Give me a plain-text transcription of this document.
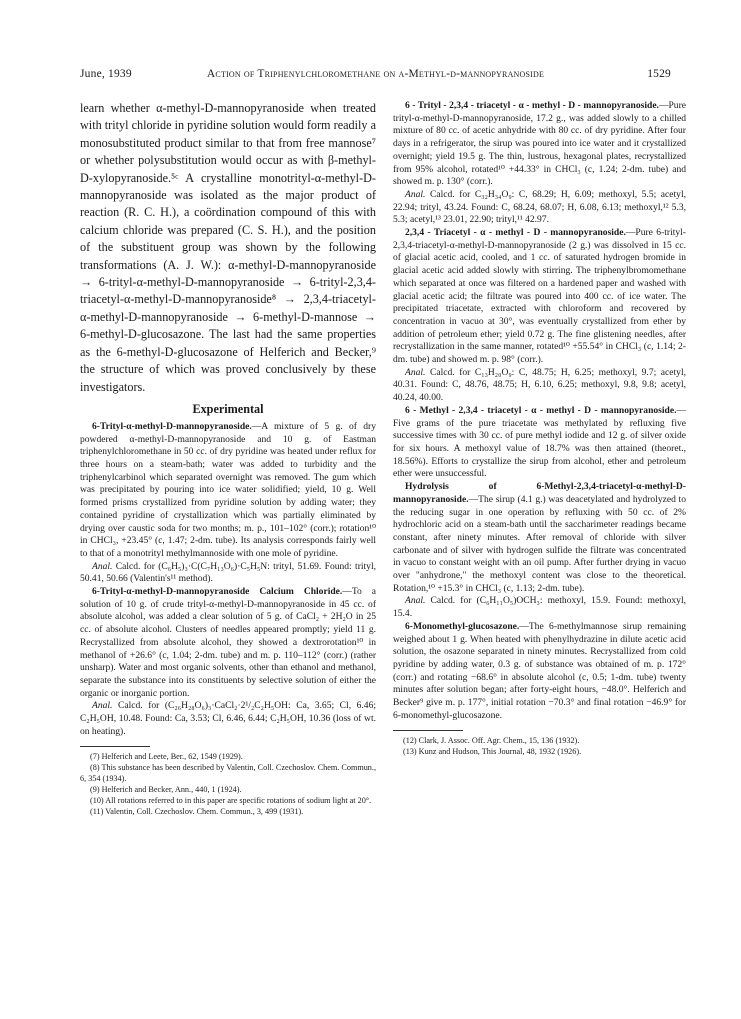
June, 1939	Action of Triphenylchloromethane on α-Methyl-d-mannopyranoside	1529

learn whether α-methyl-D-mannopyranoside when treated with trityl chloride in pyridine solution would form readily a monosubstituted product similar to that from free mannose⁷ or whether polysubstitution would occur as with β-methyl-D-xylopyranoside.⁵ᶜ A crystalline monotrityl-α-methyl-D-mannopyranoside was isolated as the major product of reaction (R. C. H.), a coördination compound of this with calcium chloride was prepared (C. S. H.), and the position of the substituent group was shown by the following transformations (A. J. W.): α-methyl-D-mannopyranoside → 6-trityl-α-methyl-D-mannopyranoside → 6-trityl-2,3,4-triacetyl-α-methyl-D-mannopyranoside⁸ → 2,3,4-triacetyl-α-methyl-D-mannopyranoside → 6-methyl-D-mannose → 6-methyl-D-glucosazone. The last had the same properties as the 6-methyl-D-glucosazone of Helferich and Becker,⁹ the structure of which was proved conclusively by these investigators.

Experimental

6-Trityl-α-methyl-D-mannopyranoside.—A mixture of 5 g. of dry powdered α-methyl-D-mannopyranoside and 10 g. of Eastman triphenylchloromethane in 50 cc. of dry pyridine was heated under reflux for three hours on a steam-bath; water was added to turbidity and the triphenylcarbinol which separated overnight was removed. The gum which was precipitated by pouring into ice water solidified; yield, 10 g. Well formed prisms crystallized from pyridine solution by adding water; they contained pyridine of crystallization which was partially eliminated by drying over caustic soda for two months; m. p., 101–102° (corr.); rotation¹⁰ in CHCl₃, +23.45° (c, 1.47; 2-dm. tube). Its analysis corresponds fairly well to that of a monotrityl methylmannoside with one mole of pyridine.

Anal. Calcd. for (C₆H₅)₃·C(C₇H₁₃O₆)·C₅H₅N: trityl, 51.69. Found: trityl, 50.41, 50.66 (Valentin's¹¹ method).

6-Trityl-α-methyl-D-mannopyranoside Calcium Chloride.—To a solution of 10 g. of crude trityl-α-methyl-D-mannopyranoside in 45 cc. of absolute alcohol, was added a clear solution of 5 g. of CaCl₂ + 2H₂O in 25 cc. of absolute alcohol. Clusters of needles appeared promptly; yield 11 g. Recrystallized from absolute alcohol, they showed a dextrorotation¹⁰ in methanol of +26.6° (c, 1.04; 2-dm. tube) and m. p. 110–112° (corr.) (rather unsharp). Water and most organic solvents, other than ethanol and methanol, separate the substance into its constituents by selective solution of either the organic or inorganic portion.

Anal. Calcd. for (C₂₆H₂₈O₆)₃·CaCl₂·2¹/₂C₂H₅OH: Ca, 3.65; Cl, 6.46; C₂H₅OH, 10.48. Found: Ca, 3.53; Cl, 6.46, 6.44; C₂H₅OH, 10.36 (loss of wt. on heating).

(7) Helferich and Leete, Ber., 62, 1549 (1929).

(8) This substance has been described by Valentin, Coll. Czechoslov. Chem. Commun., 6, 354 (1934).

(9) Helferich and Becker, Ann., 440, 1 (1924).

(10) All rotations referred to in this paper are specific rotations of sodium light at 20°.

(11) Valentin, Coll. Czechoslov. Chem. Commun., 3, 499 (1931).

6 - Trityl - 2,3,4 - triacetyl - α - methyl - D - mannopyranoside.—Pure trityl-α-methyl-D-mannopyranoside, 17.2 g., was added slowly to a chilled mixture of 80 cc. of acetic anhydride with 80 cc. of dry pyridine. After four days in a refrigerator, the sirup was poured into ice water and it crystallized overnight; yield 19.5 g. The thin, lustrous, hexagonal plates, recrystallized from 95% alcohol, rotated¹⁰ +44.33° in CHCl₃ (c, 1.24; 2-dm. tube) and showed m. p. 130° (corr.).

Anal. Calcd. for C₃₂H₃₄O₉: C, 68.29; H, 6.09; methoxyl, 5.5; acetyl, 22.94; trityl, 43.24. Found: C, 68.24, 68.07; H, 6.08, 6.13; methoxyl,¹² 5.3, 5.3; acetyl,¹³ 23.01, 22.90; trityl,¹¹ 42.97.

2,3,4 - Triacetyl - α - methyl - D - mannopyranoside.—Pure 6-trityl-2,3,4-triacetyl-α-methyl-D-mannopyranoside (2 g.) was dissolved in 15 cc. of glacial acetic acid, cooled, and 1 cc. of saturated hydrogen bromide in glacial acetic acid added slowly with stirring. The triphenylbromomethane which separated at once was filtered on a hardened paper and washed with glacial acetic acid; the filtrate was poured into 400 cc. of ice water. The precipitated triacetate, extracted with chloroform and recovered by concentration in vacuo at 30°, was eventually crystallized from ether by addition of petroleum ether; yield 0.72 g. The fine glistening needles, after recrystallization in the same manner, rotated¹⁰ +55.54° in CHCl₃ (c, 1.14; 2-dm. tube) and showed m. p. 98° (corr.).

Anal. Calcd. for C₁₃H₂₀O₉: C, 48.75; H, 6.25; methoxyl, 9.7; acetyl, 40.31. Found: C, 48.76, 48.75; H, 6.10, 6.25; methoxyl, 9.8, 9.8; acetyl, 40.24, 40.00.

6 - Methyl - 2,3,4 - triacetyl - α - methyl - D - mannopyranoside.—Five grams of the pure triacetate was methylated by refluxing five successive times with 30 cc. of pure methyl iodide and 12 g. of silver oxide for six hours. A methoxyl value of 18.7% was then attained (theoret., 18.56%). Efforts to crystallize the sirup from alcohol, ether and petroleum ether were unsuccessful.

Hydrolysis of 6-Methyl-2,3,4-triacetyl-α-methyl-D-mannopyranoside.—The sirup (4.1 g.) was deacetylated and hydrolyzed to the reducing sugar in one operation by refluxing with 50 cc. of 2% hydrochloric acid on a steam-bath until the saccharimeter readings became constant, after ninety minutes. After removal of chloride with silver carbonate and of silver with hydrogen sulfide the filtrate was concentrated in vacuo to constant weight with an oil pump. After further drying in vacuo over "anhydrone," the methoxyl content was close to the theoretical. Rotation,¹⁰ +15.3° in CHCl₃ (c, 1.13; 2-dm. tube).

Anal. Calcd. for (C₆H₁₁O₅)OCH₃: methoxyl, 15.9. Found: methoxyl, 15.4.

6-Monomethyl-glucosazone.—The 6-methylmannose sirup remaining weighed about 1 g. When heated with phenylhydrazine in dilute acetic acid solution, the osazone separated in ninety minutes. Recrystallized from cold pyridine by adding water, 0.3 g. of substance was obtained of m. p. 172° (corr.) and rotating −68.6° in absolute alcohol (c, 0.5; 1-dm. tube) twenty minutes after solution began; after forty-eight hours, −48.0°. Helferich and Becker⁹ give m. p. 177°, initial rotation −70.3° and final rotation −46.9° for 6-monomethyl-glucosazone.

(12) Clark, J. Assoc. Off. Agr. Chem., 15, 136 (1932).

(13) Kunz and Hudson, This Journal, 48, 1932 (1926).
